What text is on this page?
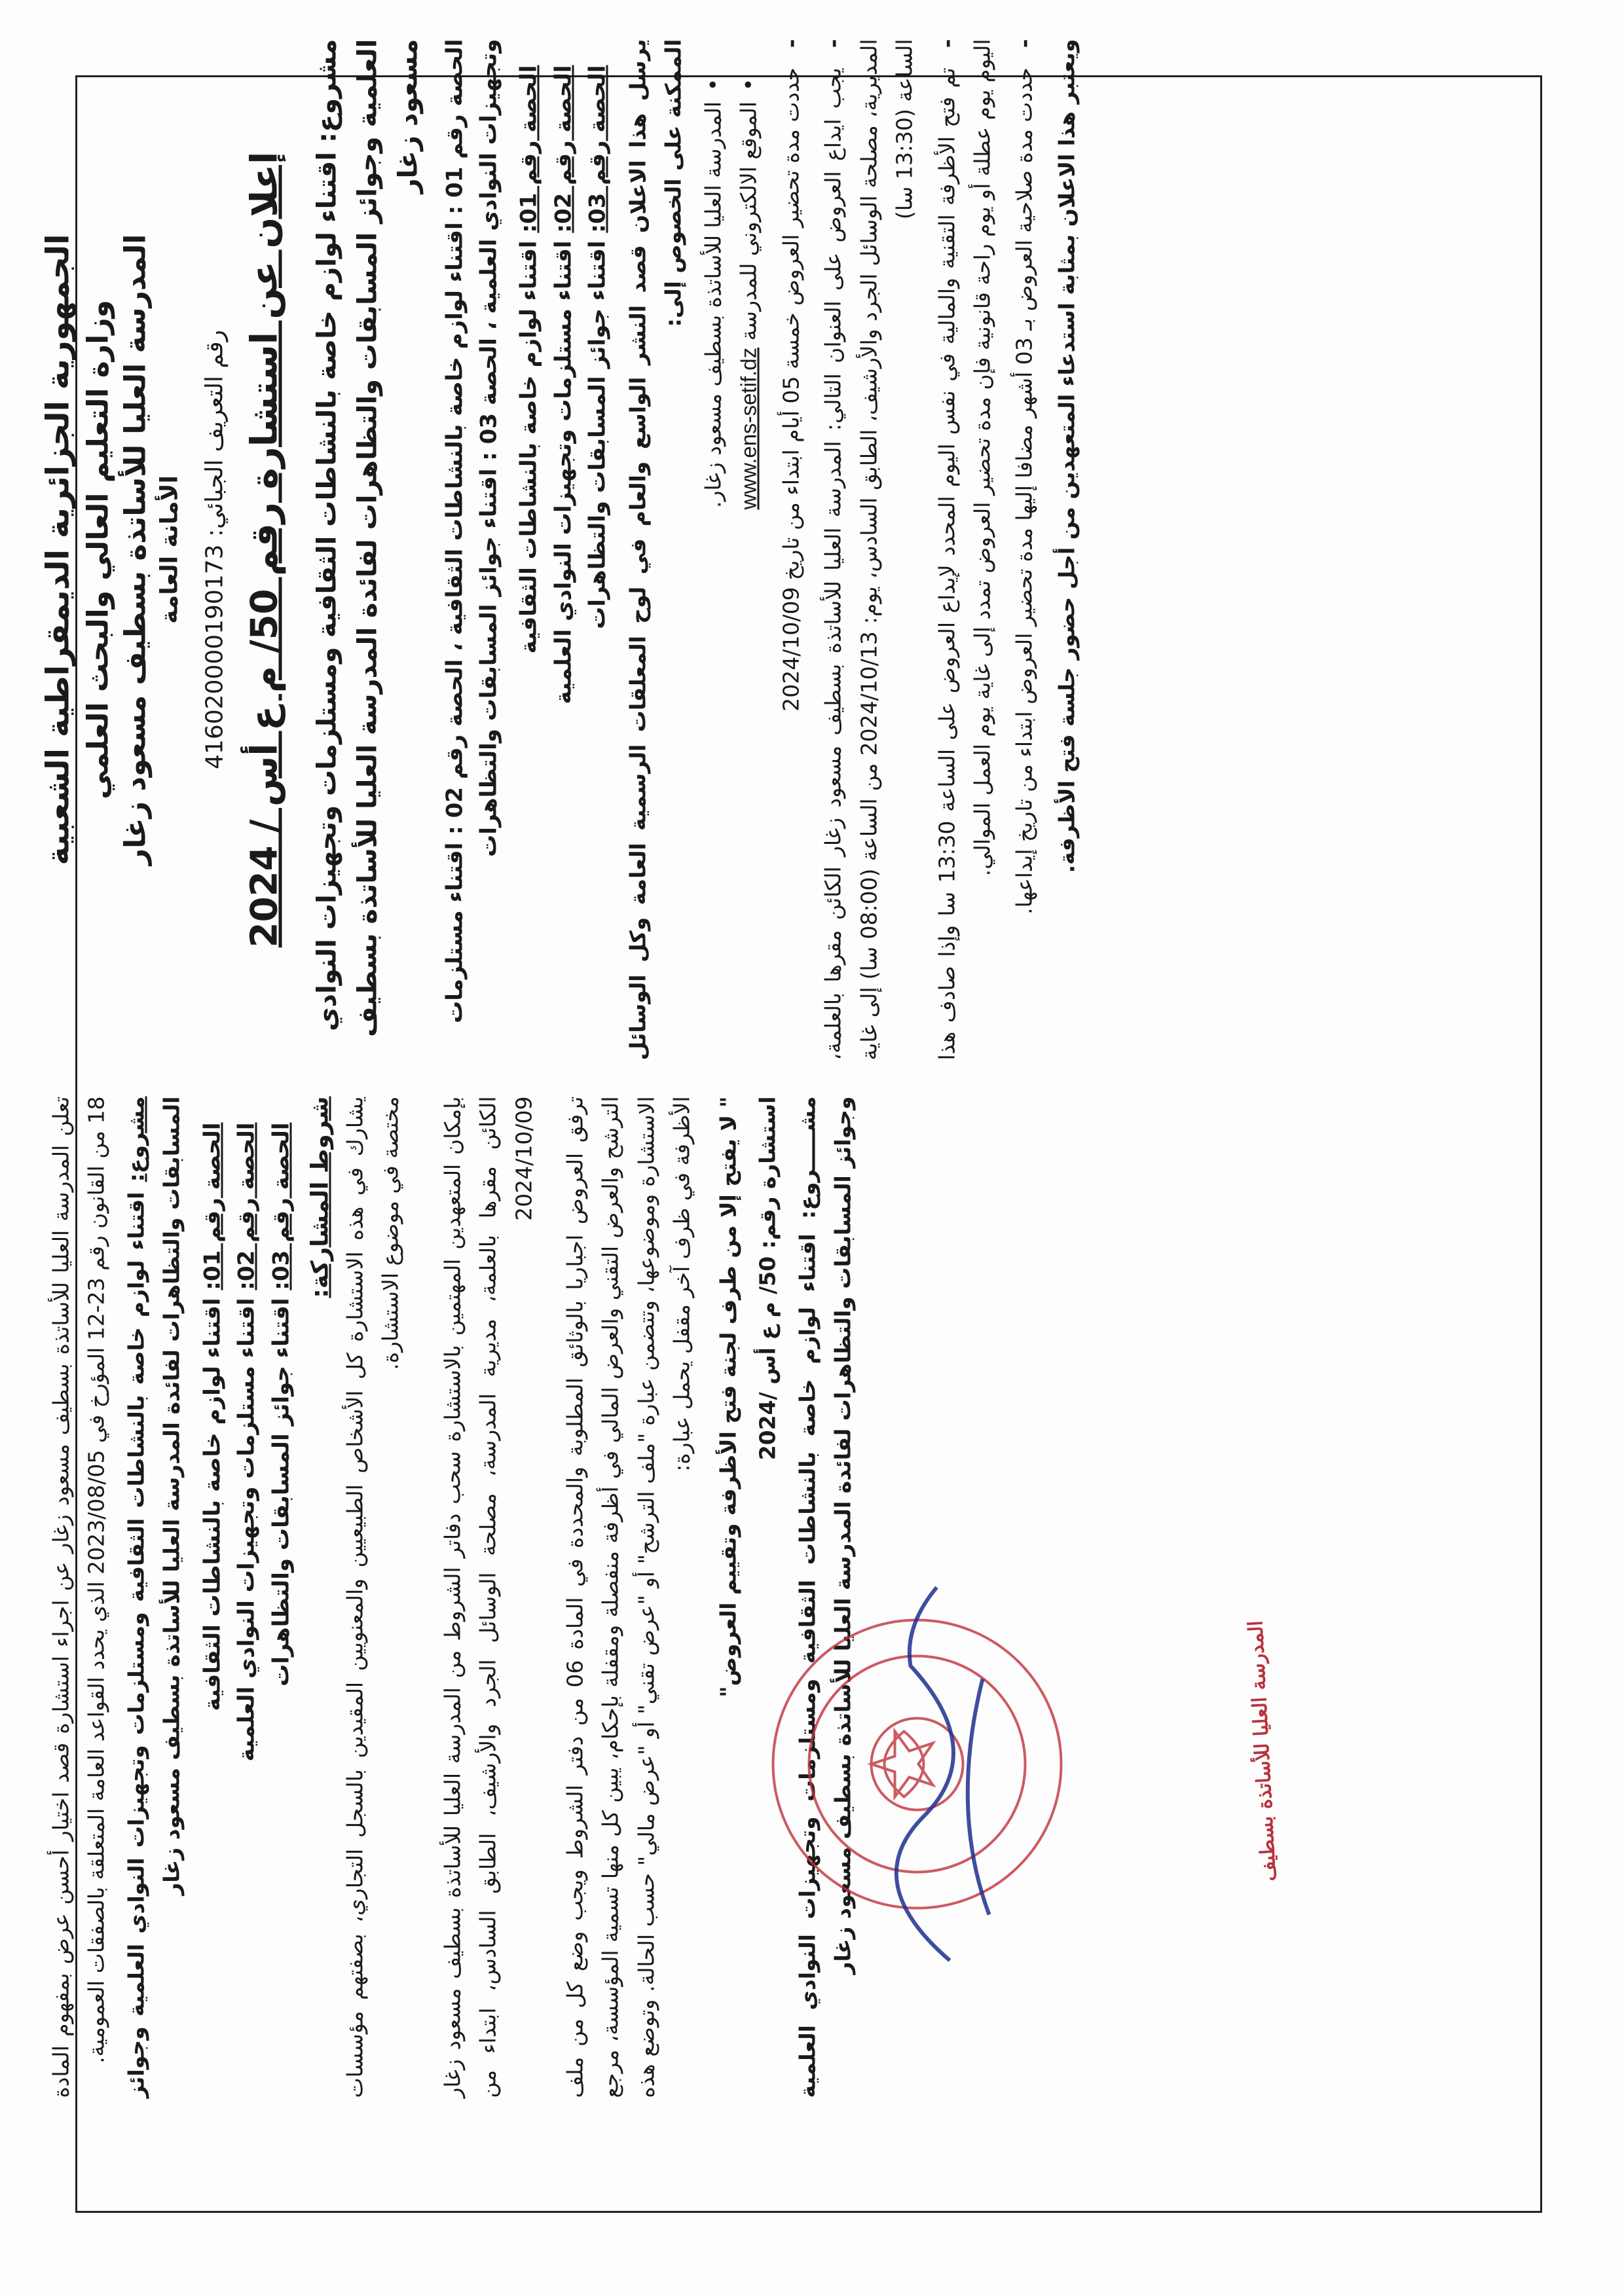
الجمهورية الجزائرية الديمقراطية الشعبية وزارة التعليم العالي والبحث العلمي المدرسة العليا للأساتذة بسطيف مسعود زغار الأمانة العامة رقم التعريف الجبائي: 416020000190173
إعلان عن استشارة رقم 50/ م ع أس / 2024 مشروع: اقتناء لوازم خاصة بالنشاطات الثقافية ومستلزمات وتجهيزات النوادي العلمية وجوائز المسابقات والتظاهرات لفائدة المدرسة العليا للأساتذة بسطيف مسعود زغار
الحصة رقم 01 : اقتناء لوازم خاصة بالنشاطات الثقافية ، الحصة رقم 02 : اقتناء مستلزمات وتجهيزات النوادي العلمية ، الحصة 03 : اقتناء جوائز المسابقات والتظاهرات الحصة رقم 01: اقتناء لوازم خاصة بالنشاطات الثقافية
الحصة رقم 02: اقتناء مستلزمات وتجهيزات النوادي العلمية
الحصة رقم 03: اقتناء جوائز المسابقات والتظاهرات يرسل هذا الاعلان قصد النشر الواسع والعام في لوح المعلقات الرسمية العامة وكل الوسائل الممكنة على الخصوص إلى: • المدرسة العليا للأساتذة بسطيف مسعود زغار. • الموقع الالكتروني للمدرسة www.ens-setif.dz
- حددت مدة تحضير العروض خمسة 05 أيام ابتداء من تاريخ 2024/10/09 - يجب ايداع العروض على العنوان التالي: المدرسة العليا للأساتذة بسطيف مسعود زغار الكائن مقرها بالعلمة، المديرية، مصلحة الوسائل الجرد والأرشيف، الطابق السادس، يوم: 2024/10/13 من الساعة (08:00 سا) إلى غاية الساعة (13:30 سا)
- تم فتح الأظرفة التقنية والمالية في نفس اليوم المحدد لإيداع العروض على الساعة 13:30 سا وإذا صادف هذا اليوم يوم عطلة أو يوم راحة قانونية فإن مدة تحضير العروض تمدد إلى غاية يوم العمل الموالي. - حددت مدة صلاحية العروض بـ 03 أشهر مضافا إليها مدة تحضير العروض ابتداء من تاريخ إيداعها. ويعتبر هذا الاعلان بمثابة استدعاء المتعهدين من أجل حضور جلسة فتح الأظرفة.
تعلن المدرسة العليا للأساتذة بسطيف مسعود زغار عن اجراء استشارة قصد اختيار أحسن عرض بمفهوم المادة 18 من القانون رقم 23-12 المؤرخ في 2023/08/05 الذي يحدد القواعد العامة المتعلقة بالصفقات العمومية. مشروع: اقتناء لوازم خاصة بالنشاطات الثقافية ومستلزمات وتجهيزات النوادي العلمية وجوائز المسابقات والتظاهرات لفائدة المدرسة العليا للأساتذة بسطيف مسعود زغار الحصة رقم 01: اقتناء لوازم خاصة بالنشاطات الثقافية
الحصة رقم 02: اقتناء مستلزمات وتجهيزات النوادي العلمية
الحصة رقم 03: اقتناء جوائز المسابقات والتظاهرات
شروط المشاركة: يشارك في هذه الاستشارة كل الأشخاص الطبيعيين والمعنويين المقيدين بالسجل التجاري، بصفتهم مؤسسات مختصة في موضوع الاستشارة. بإمكان المتعهدين المهتمين بالاستشارة سحب دفاتر الشروط من المدرسة العليا للأساتذة بسطيف مسعود زغار الكائن مقرها بالعلمة، مديرية المدرسة، مصلحة الوسائل الجرد والأرشيف، الطابق السادس، ابتداء من 2024/10/09
ترفق العروض اجباريا بالوثائق المطلوبة والمحددة في المادة 06 من دفتر الشروط ويجب وضع كل من ملف الترشح والعرض التقني والعرض المالي في أظرفة منفصلة ومقفلة بإحكام، يبين كل منها تسمية المؤسسة، مرجع الاستشارة وموضوعها، وتتضمن عبارة "ملف الترشح" أو "عرض تقني" أو "عرض مالي" حسب الحالة. وتوضع هذه الأظرفة في ظرف آخر مقفل يحمل عبارة: " لا يفتح إلا من طرف لجنة فتح الأظرفة وتقييم العروض" استشارة رقم: 50/ م ع أس /2024 مشـــــروع: اقتناء لوازم خاصة بالنشاطات الثقافية ومستلزمات وتجهيزات النوادي العلمية وجوائز المسابقات والتظاهرات لفائدة المدرسة العليا للأساتذة بسطيف مسعود زغار	المدرسة العليا للأساتذة بسطيف
